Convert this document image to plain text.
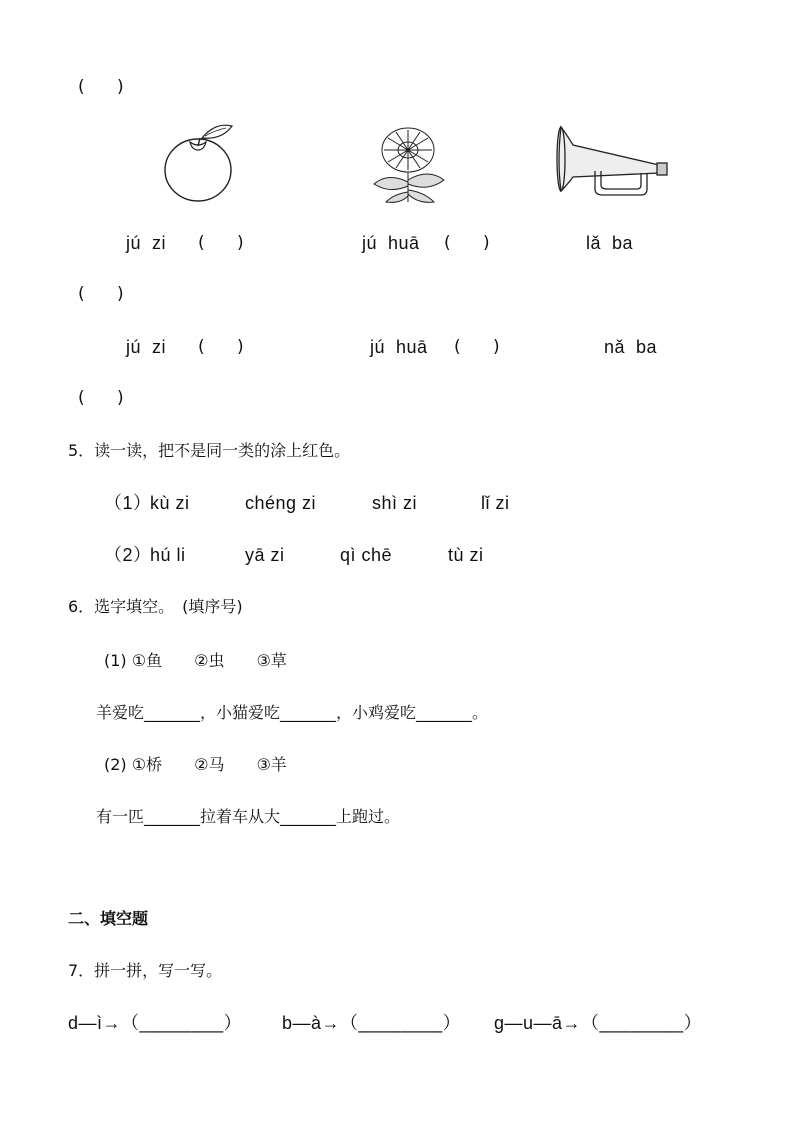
(      )
jú  zi (      )	jú  huā (      )	lǎ  ba
(      )
jú  zi (      )	jú  huā (      )	nǎ  ba
(      )
5．读一读，把不是同一类的涂上红色。
（1）
kù zi	chéng zi	shì zi	lǐ zi
（2）
hú li	yā zi	qì chē	tù zi
6．选字填空。　(填序号)
(1) ①鱼　　②虫　　③草
羊爱吃_______，小猫爱吃_______，小鸡爱吃_______。
(2) ①桥　　②马　　③羊
有一匹_______拉着车从大_______上跑过。
二、填空题
7．拼一拼，写一写。
d—ì→（________） b—à→（________） g—u—ā→（________）
